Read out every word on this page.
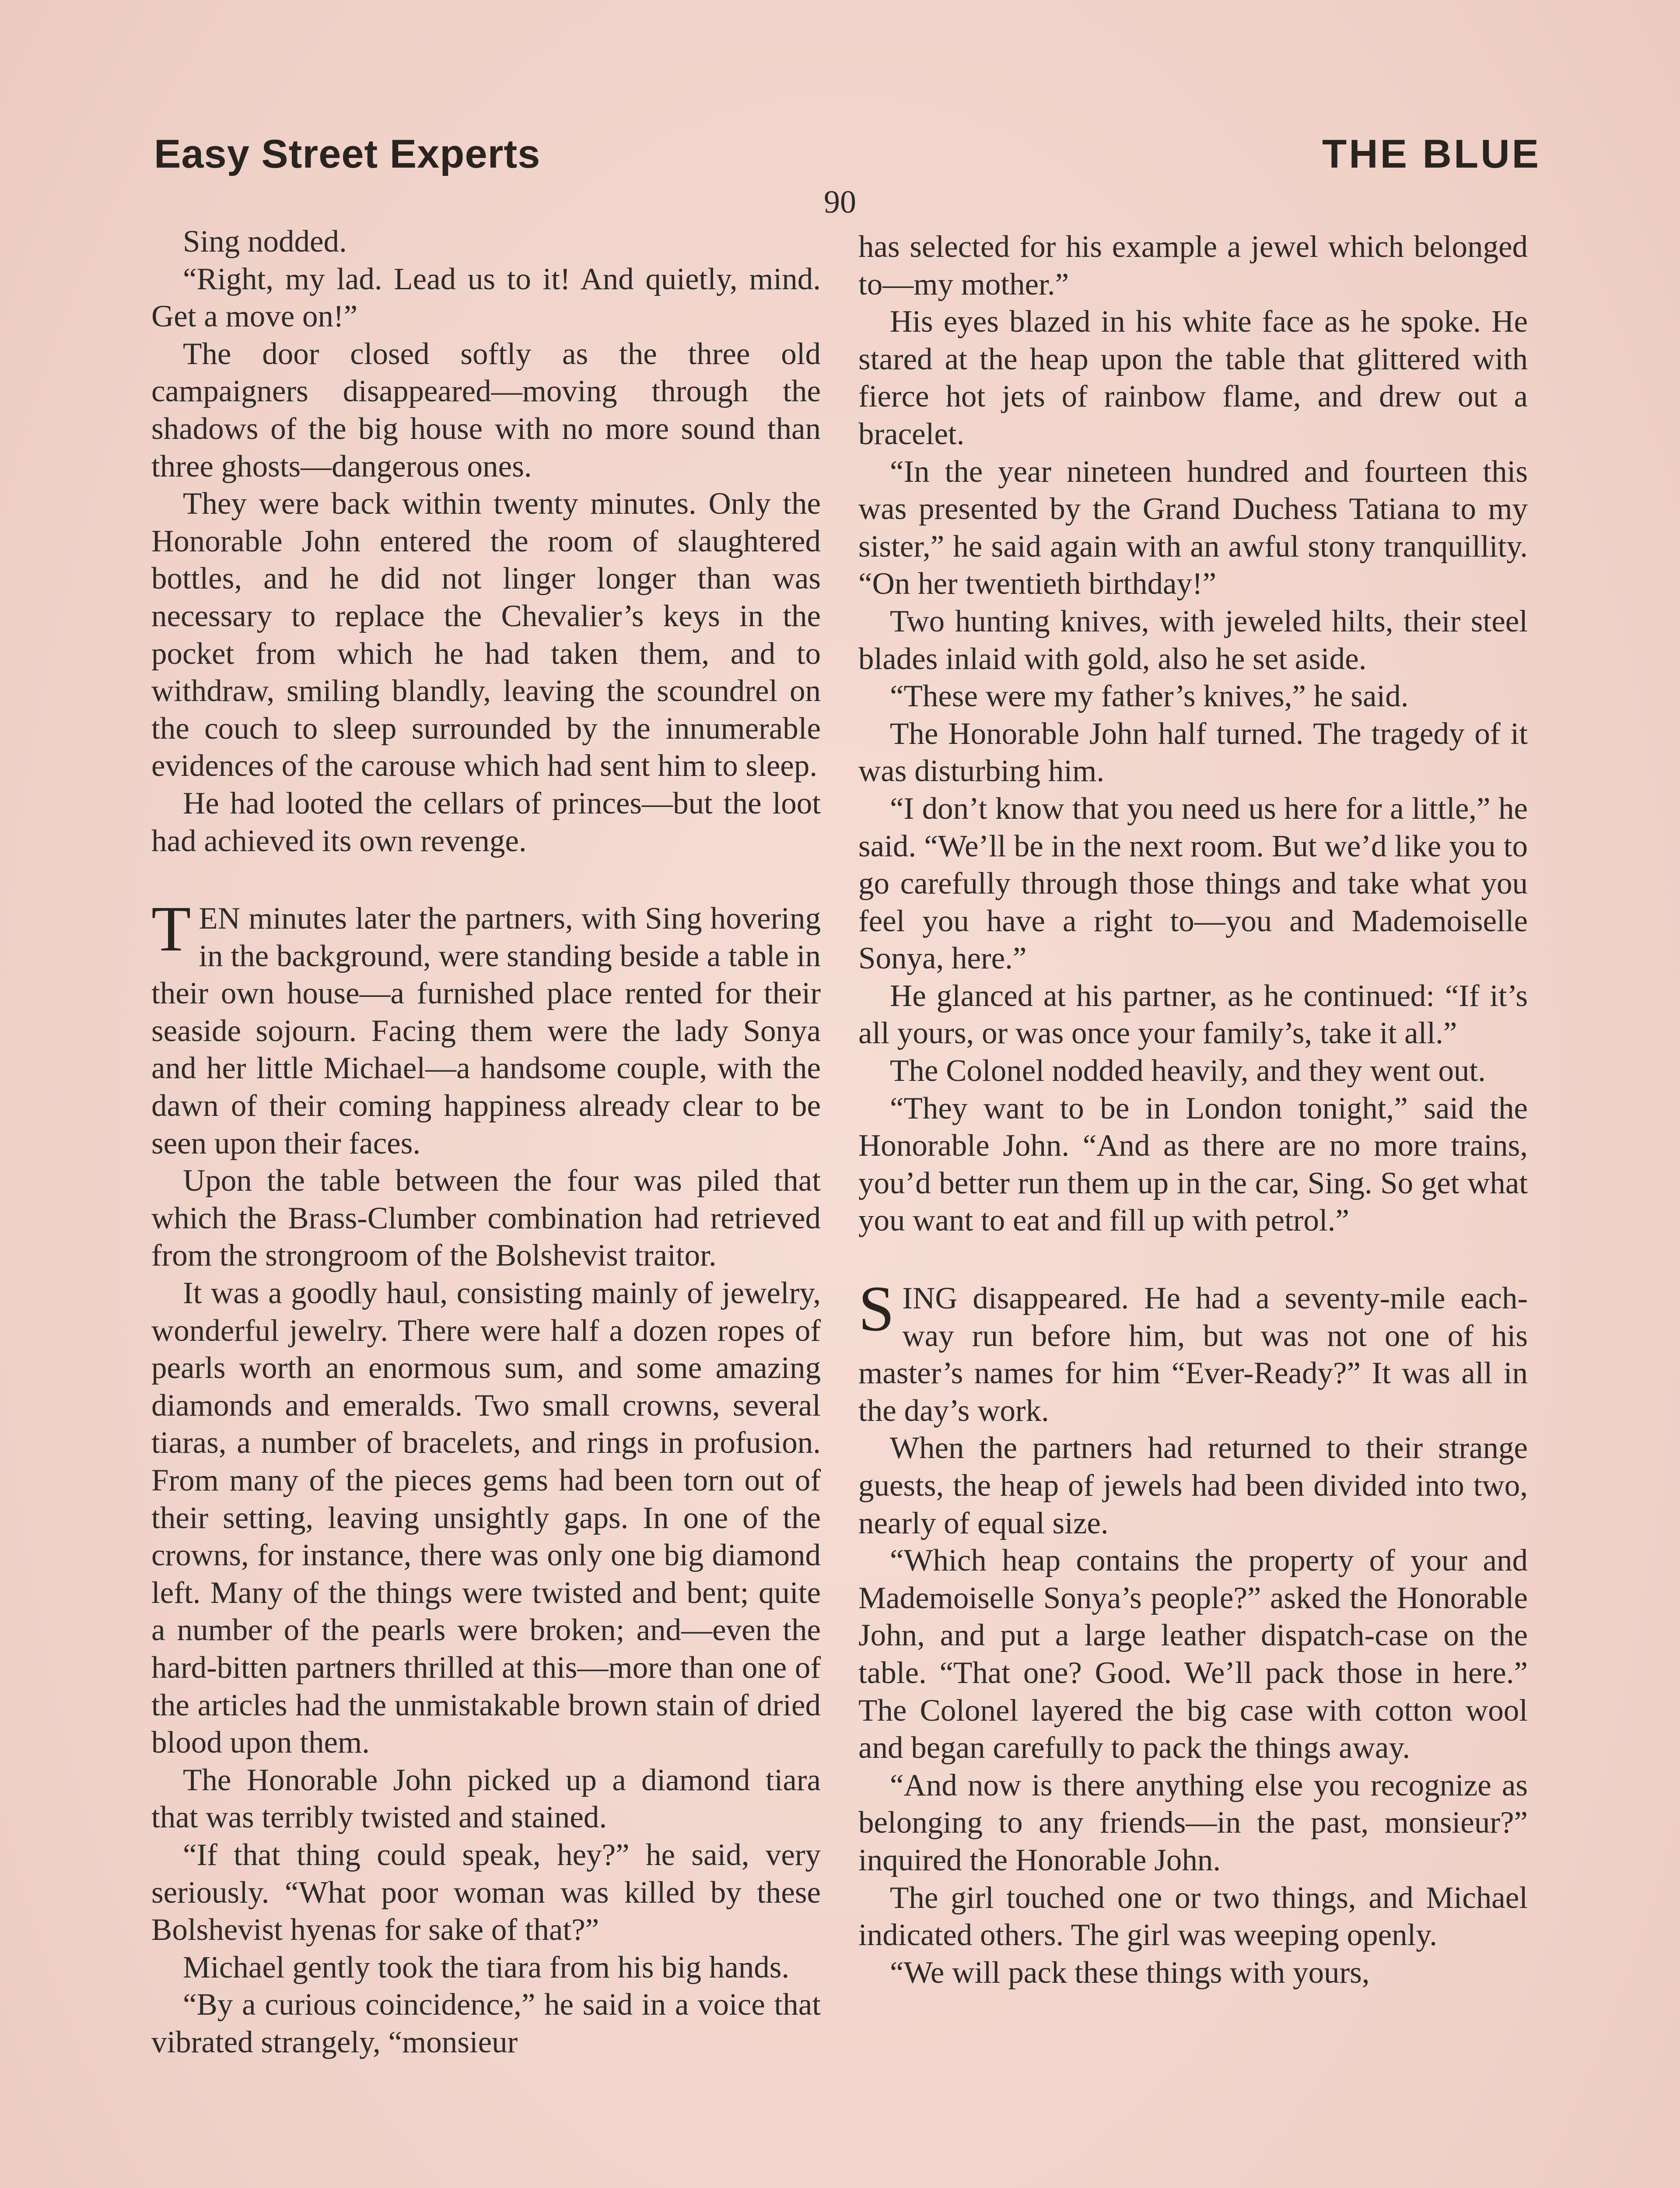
Easy Street Experts	THE BLUE
90

Sing nodded.

“Right, my lad. Lead us to it! And quietly, mind. Get a move on!”

The door closed softly as the three old campaigners disappeared—moving through the shadows of the big house with no more sound than three ghosts—dangerous ones.

They were back within twenty minutes. Only the Honorable John entered the room of slaughtered bottles, and he did not linger longer than was necessary to replace the Chevalier’s keys in the pocket from which he had taken them, and to withdraw, smiling blandly, leaving the scoundrel on the couch to sleep surrounded by the innumerable evidences of the carouse which had sent him to sleep.

He had looted the cellars of princes—but the loot had achieved its own revenge.

TEN minutes later the partners, with Sing hovering in the background, were standing beside a table in their own house—a furnished place rented for their seaside sojourn. Facing them were the lady Sonya and her little Michael—a handsome couple, with the dawn of their coming happiness already clear to be seen upon their faces.

Upon the table between the four was piled that which the Brass-Clumber combination had retrieved from the strongroom of the Bolshevist traitor.

It was a goodly haul, consisting mainly of jewelry, wonderful jewelry. There were half a dozen ropes of pearls worth an enormous sum, and some amazing diamonds and emeralds. Two small crowns, several tiaras, a number of bracelets, and rings in profusion. From many of the pieces gems had been torn out of their setting, leaving unsightly gaps. In one of the crowns, for instance, there was only one big diamond left. Many of the things were twisted and bent; quite a number of the pearls were broken; and—even the hard-bitten partners thrilled at this—more than one of the articles had the unmistakable brown stain of dried blood upon them.

The Honorable John picked up a diamond tiara that was terribly twisted and stained.

“If that thing could speak, hey?” he said, very seriously. “What poor woman was killed by these Bolshevist hyenas for sake of that?”

Michael gently took the tiara from his big hands.

“By a curious coincidence,” he said in a voice that vibrated strangely, “monsieur

has selected for his example a jewel which belonged to—my mother.”

His eyes blazed in his white face as he spoke. He stared at the heap upon the table that glittered with fierce hot jets of rainbow flame, and drew out a bracelet.

“In the year nineteen hundred and fourteen this was presented by the Grand Duchess Tatiana to my sister,” he said again with an awful stony tranquillity. “On her twentieth birthday!”

Two hunting knives, with jeweled hilts, their steel blades inlaid with gold, also he set aside.

“These were my father’s knives,” he said.

The Honorable John half turned. The tragedy of it was disturbing him.

“I don’t know that you need us here for a little,” he said. “We’ll be in the next room. But we’d like you to go carefully through those things and take what you feel you have a right to—you and Mademoiselle Sonya, here.”

He glanced at his partner, as he continued: “If it’s all yours, or was once your family’s, take it all.”

The Colonel nodded heavily, and they went out.

“They want to be in London tonight,” said the Honorable John. “And as there are no more trains, you’d better run them up in the car, Sing. So get what you want to eat and fill up with petrol.”

SING disappeared. He had a seventy-mile each-way run before him, but was not one of his master’s names for him “Ever-Ready?” It was all in the day’s work.

When the partners had returned to their strange guests, the heap of jewels had been divided into two, nearly of equal size.

“Which heap contains the property of your and Mademoiselle Sonya’s people?” asked the Honorable John, and put a large leather dispatch-case on the table. “That one? Good. We’ll pack those in here.” The Colonel layered the big case with cotton wool and began carefully to pack the things away.

“And now is there anything else you recognize as belonging to any friends—in the past, monsieur?” inquired the Honorable John.

The girl touched one or two things, and Michael indicated others. The girl was weeping openly.

“We will pack these things with yours,
